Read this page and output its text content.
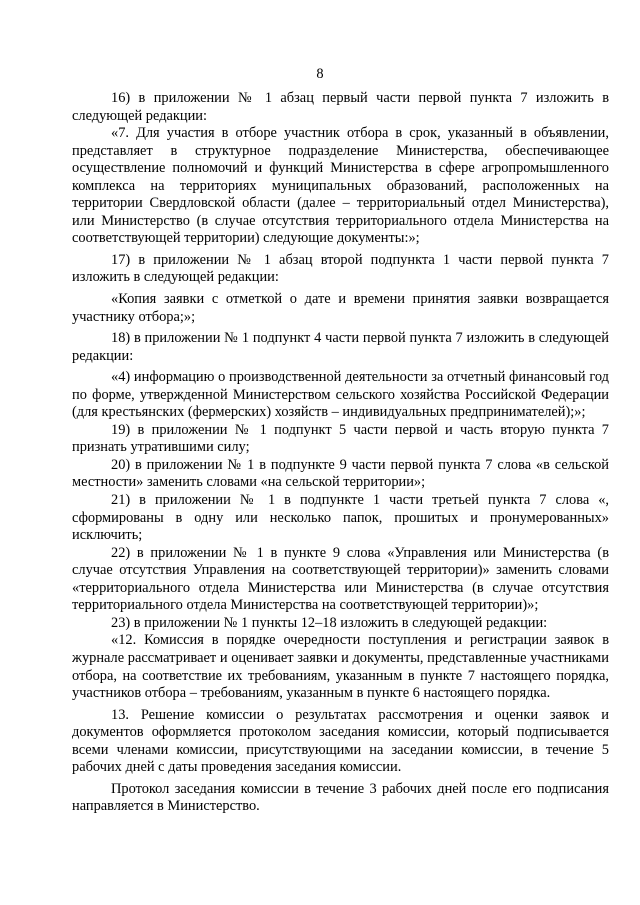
8

16) в приложении № 1 абзац первый части первой пункта 7 изложить в следующей редакции:

«7. Для участия в отборе участник отбора в срок, указанный в объявлении, представляет в структурное подразделение Министерства, обеспечивающее осуществление полномочий и функций Министерства в сфере агропромышленного комплекса на территориях муниципальных образований, расположенных на территории Свердловской области (далее – территориальный отдел Министерства), или Министерство (в случае отсутствия территориального отдела Министерства на соответствующей территории) следующие документы:»;

17) в приложении № 1 абзац второй подпункта 1 части первой пункта 7 изложить в следующей редакции:

«Копия заявки с отметкой о дате и времени принятия заявки возвращается участнику отбора;»;

18) в приложении № 1 подпункт 4 части первой пункта 7 изложить в следующей редакции:

«4) информацию о производственной деятельности за отчетный финансовый год по форме, утвержденной Министерством сельского хозяйства Российской Федерации (для крестьянских (фермерских) хозяйств – индивидуальных предпринимателей);»;

19) в приложении № 1 подпункт 5 части первой и часть вторую пункта 7 признать утратившими силу;

20) в приложении № 1 в подпункте 9 части первой пункта 7 слова «в сельской местности» заменить словами «на сельской территории»;

21) в приложении № 1 в подпункте 1 части третьей пункта 7 слова «, сформированы в одну или несколько папок, прошитых и пронумерованных» исключить;

22) в приложении № 1 в пункте 9 слова «Управления или Министерства (в случае отсутствия Управления на соответствующей территории)» заменить словами «территориального отдела Министерства или Министерства (в случае отсутствия территориального отдела Министерства на соответствующей территории)»;

23) в приложении № 1 пункты 12–18 изложить в следующей редакции:

«12. Комиссия в порядке очередности поступления и регистрации заявок в журнале рассматривает и оценивает заявки и документы, представленные участниками отбора, на соответствие их требованиям, указанным в пункте 7 настоящего порядка, участников отбора – требованиям, указанным в пункте 6 настоящего порядка.

13. Решение комиссии о результатах рассмотрения и оценки заявок и документов оформляется протоколом заседания комиссии, который подписывается всеми членами комиссии, присутствующими на заседании комиссии, в течение 5 рабочих дней с даты проведения заседания комиссии.

Протокол заседания комиссии в течение 3 рабочих дней после его подписания направляется в Министерство.
